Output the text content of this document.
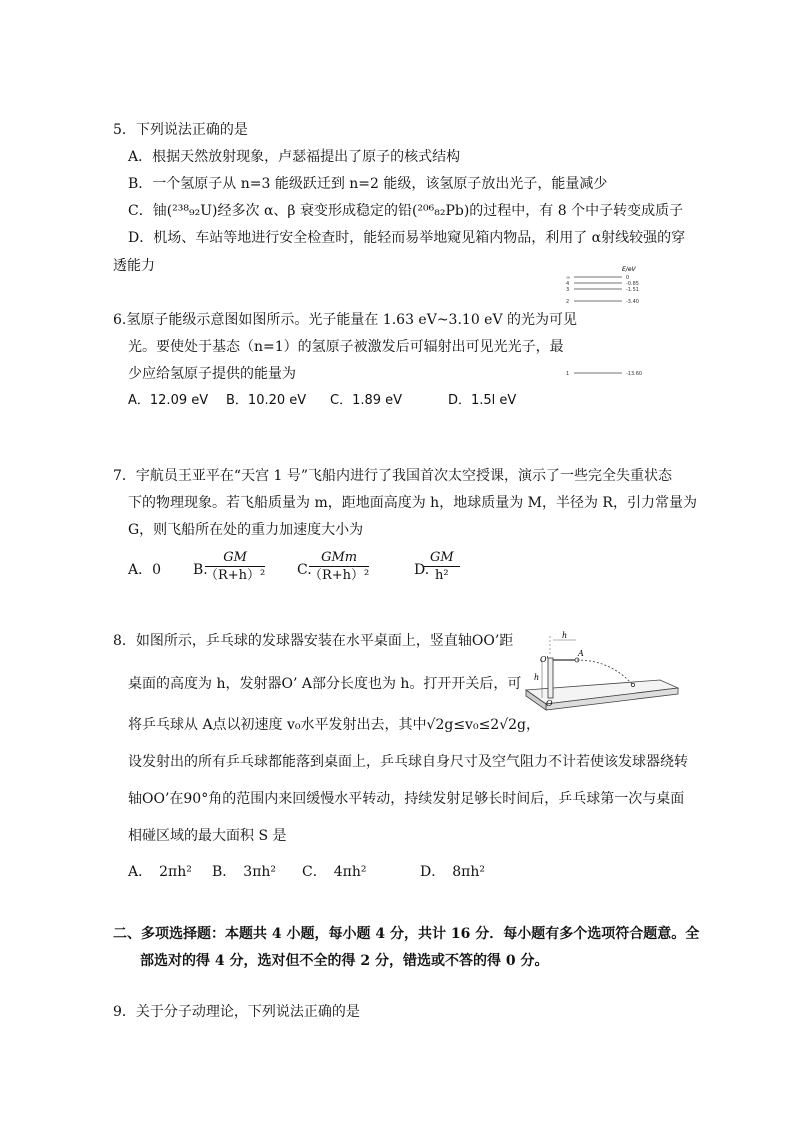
5．下列说法正确的是
A．根据天然放射现象，卢瑟福提出了原子的核式结构
B．一个氢原子从 n=3 能级跃迁到 n=2 能级，该氢原子放出光子，能量减少
C．铀(²³⁸₉₂U)经多次 α、β 衰变形成稳定的铅(²⁰⁶₈₂Pb)的过程中，有 8 个中子转变成质子
D．机场、车站等地进行安全检查时，能轻而易举地窥见箱内物品，利用了 α射线较强的穿
透能力
6.氢原子能级示意图如图所示。光子能量在 1.63 eV~3.10 eV 的光为可见
光。要使处于基态（n=1）的氢原子被激发后可辐射出可见光光子，最
少应给氢原子提供的能量为
A．12.09 eV B．10.20 eV C．1.89 eV	D．1.5l eV
E/eV
∞	0
4	-0.85
3	-1.51
2	-3.40
1	-13.60
7．宇航员王亚平在“天宫 1 号”飞船内进行了我国首次太空授课，演示了一些完全失重状态
下的物理现象。若飞船质量为 m，距地面高度为 h，地球质量为 M，半径为 R，引力常量为
G，则飞船所在处的重力加速度大小为
A．0 B.
$\frac{GM}{\text{（R+h）²}} C$.
GMm
（R+h）²	D.
$\frac{GM}{\text{h²}}$
8．如图所示，乒乓球的发球器安装在水平桌面上，竖直轴OO’距
桌面的高度为 h，发射器O’ A部分长度也为 h。打开开关后，可
将乒乓球从 A点以初速度 v₀水平发射出去，其中√2g≤v₀≤2√2g，
设发射出的所有乒乓球都能落到桌面上，乒乓球自身尺寸及空气阻力不计若使该发球器绕转
轴OO’在90°角的范围内来回缓慢水平转动，持续发射足够长时间后，乒乓球第一次与桌面
相碰区域的最大面积 S 是
A．　2πh² B．　3πh² C．　4πh²	D．　8πh²
h
h
O'
A
O
二、多项选择题：本题共 4 小题，每小题 4 分，共计 16 分．每小题有多个选项符合题意。全
部选对的得 4 分，选对但不全的得 2 分，错选或不答的得 0 分。
9．关于分子动理论，下列说法正确的是
